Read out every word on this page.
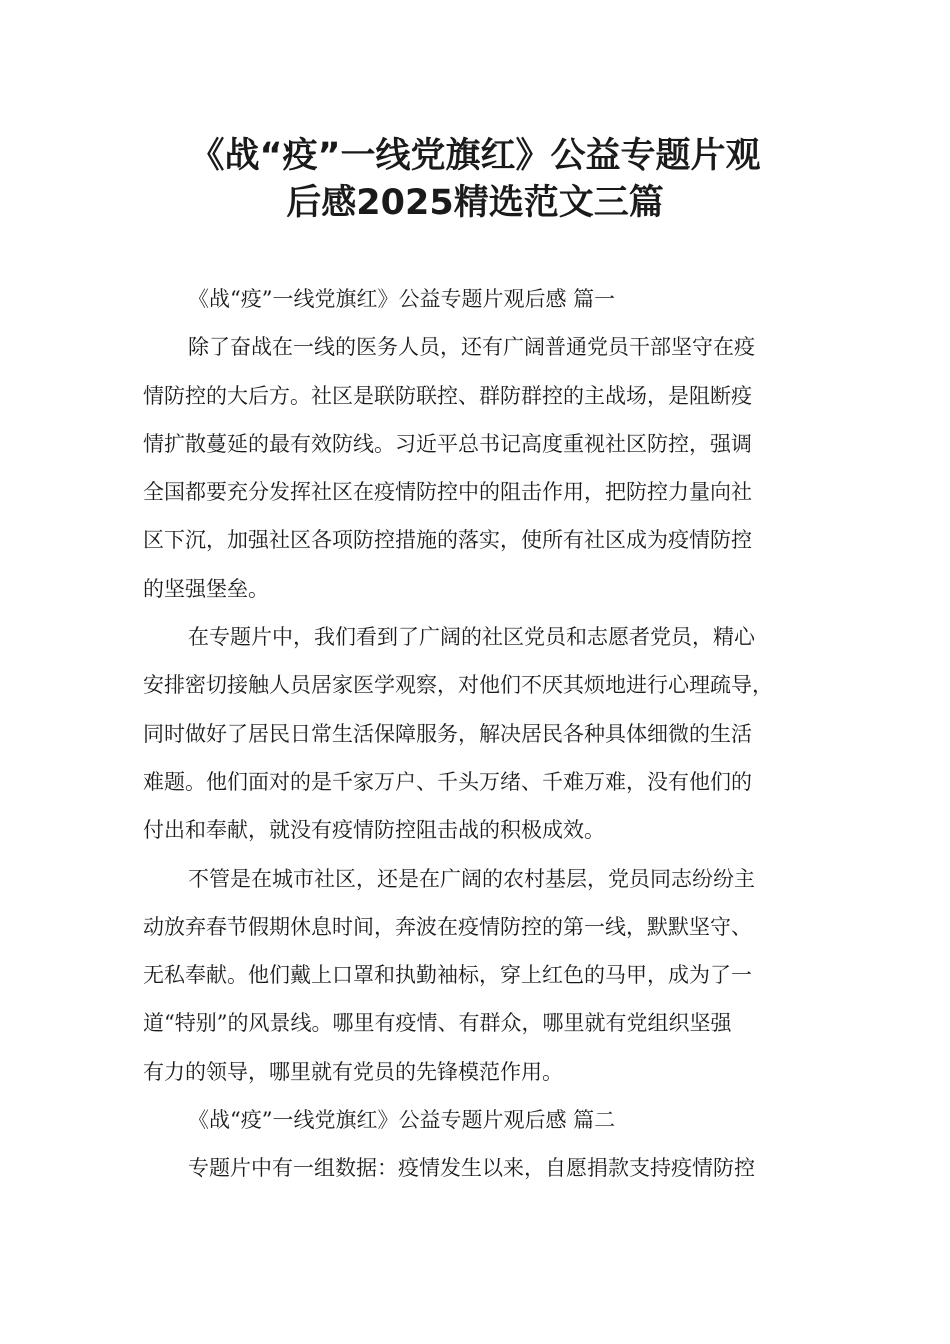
《战“疫”一线党旗红》公益专题片观
后感2025精选范文三篇
《战“疫”一线党旗红》公益专题片观后感 篇一
除了奋战在一线的医务人员，还有广阔普通党员干部坚守在疫
情防控的大后方。社区是联防联控、群防群控的主战场，是阻断疫
情扩散蔓延的最有效防线。习近平总书记高度重视社区防控，强调
全国都要充分发挥社区在疫情防控中的阻击作用，把防控力量向社
区下沉，加强社区各项防控措施的落实，使所有社区成为疫情防控
的坚强堡垒。
在专题片中，我们看到了广阔的社区党员和志愿者党员，精心
安排密切接触人员居家医学观察，对他们不厌其烦地进行心理疏导，
同时做好了居民日常生活保障服务，解决居民各种具体细微的生活
难题。他们面对的是千家万户、千头万绪、千难万难，没有他们的
付出和奉献，就没有疫情防控阻击战的积极成效。
不管是在城市社区，还是在广阔的农村基层，党员同志纷纷主
动放弃春节假期休息时间，奔波在疫情防控的第一线，默默坚守、
无私奉献。他们戴上口罩和执勤袖标，穿上红色的马甲，成为了一
道“特别”的风景线。哪里有疫情、有群众，哪里就有党组织坚强
有力的领导，哪里就有党员的先锋模范作用。
《战“疫”一线党旗红》公益专题片观后感 篇二
专题片中有一组数据：疫情发生以来，自愿捐款支持疫情防控
